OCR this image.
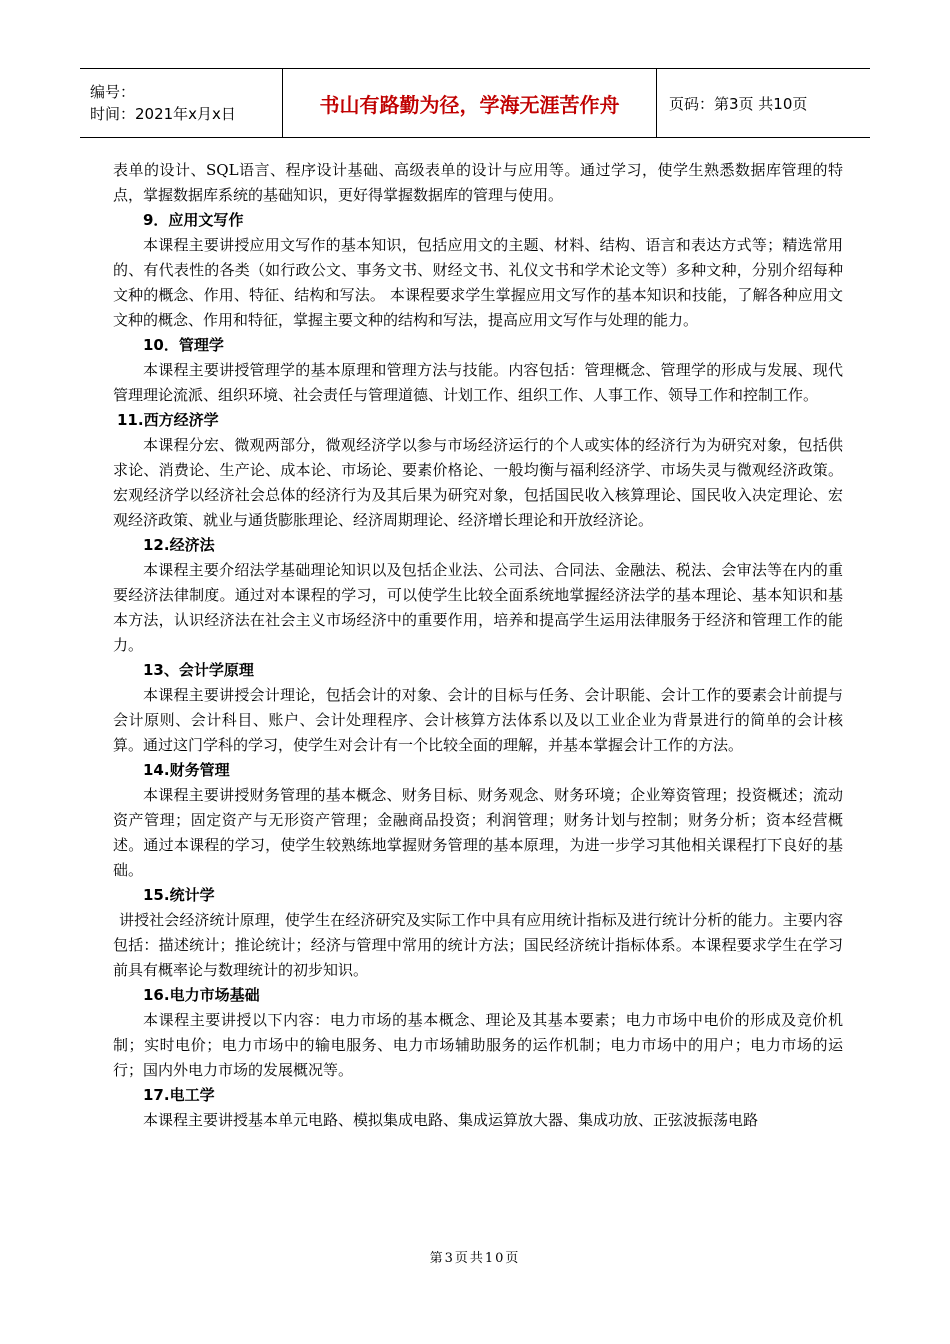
编号：
时间：2021年x月x日	书山有路勤为径，学海无涯苦作舟	页码：第3页 共10页

表单的设计、SQL语言、程序设计基础、高级表单的设计与应用等。通过学习，使学生熟悉数据库管理的特点，掌握数据库系统的基础知识，更好得掌握数据库的管理与使用。

9．应用文写作

本课程主要讲授应用文写作的基本知识，包括应用文的主题、材料、结构、语言和表达方式等；精选常用的、有代表性的各类（如行政公文、事务文书、财经文书、礼仪文书和学术论文等）多种文种，分别介绍每种文种的概念、作用、特征、结构和写法。 本课程要求学生掌握应用文写作的基本知识和技能，了解各种应用文文种的概念、作用和特征，掌握主要文种的结构和写法，提高应用文写作与处理的能力。

10．管理学

本课程主要讲授管理学的基本原理和管理方法与技能。内容包括：管理概念、管理学的形成与发展、现代管理理论流派、组织环境、社会责任与管理道德、计划工作、组织工作、人事工作、领导工作和控制工作。

11.西方经济学

本课程分宏、微观两部分，微观经济学以参与市场经济运行的个人或实体的经济行为为研究对象，包括供求论、消费论、生产论、成本论、市场论、要素价格论、一般均衡与福利经济学、市场失灵与微观经济政策。宏观经济学以经济社会总体的经济行为及其后果为研究对象，包括国民收入核算理论、国民收入决定理论、宏观经济政策、就业与通货膨胀理论、经济周期理论、经济增长理论和开放经济论。

12.经济法

本课程主要介绍法学基础理论知识以及包括企业法、公司法、合同法、金融法、税法、会审法等在内的重要经济法律制度。通过对本课程的学习，可以使学生比较全面系统地掌握经济法学的基本理论、基本知识和基本方法，认识经济法在社会主义市场经济中的重要作用，培养和提高学生运用法律服务于经济和管理工作的能力。

13、会计学原理

本课程主要讲授会计理论，包括会计的对象、会计的目标与任务、会计职能、会计工作的要素会计前提与会计原则、会计科目、账户、会计处理程序、会计核算方法体系以及以工业企业为背景进行的简单的会计核算。通过这门学科的学习，使学生对会计有一个比较全面的理解，并基本掌握会计工作的方法。

14.财务管理

本课程主要讲授财务管理的基本概念、财务目标、财务观念、财务环境；企业筹资管理；投资概述；流动资产管理；固定资产与无形资产管理；金融商品投资；利润管理；财务计划与控制；财务分析；资本经营概述。通过本课程的学习，使学生较熟练地掌握财务管理的基本原理，为进一步学习其他相关课程打下良好的基础。

15.统计学

讲授社会经济统计原理，使学生在经济研究及实际工作中具有应用统计指标及进行统计分析的能力。主要内容包括：描述统计；推论统计；经济与管理中常用的统计方法；国民经济统计指标体系。本课程要求学生在学习前具有概率论与数理统计的初步知识。

16.电力市场基础

本课程主要讲授以下内容：电力市场的基本概念、理论及其基本要素；电力市场中电价的形成及竞价机制；实时电价；电力市场中的输电服务、电力市场辅助服务的运作机制；电力市场中的用户；电力市场的运行；国内外电力市场的发展概况等。

17.电工学

本课程主要讲授基本单元电路、模拟集成电路、集成运算放大器、集成功放、正弦波振荡电路

第3页共10页
